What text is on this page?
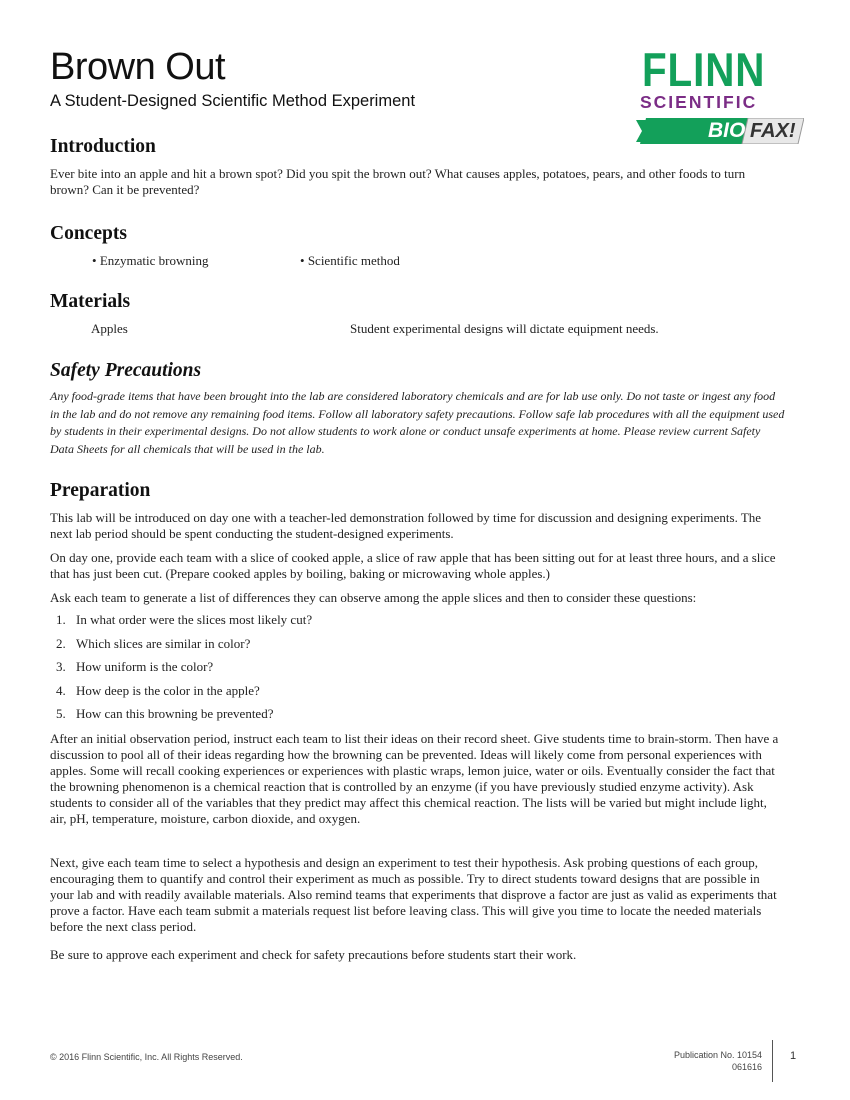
Brown Out
A Student-Designed Scientific Method Experiment
FLINN
SCIENTIFIC
BIO FAX!
Introduction

Ever bite into an apple and hit a brown spot? Did you spit the brown out? What causes apples, potatoes, pears, and other foods to turn brown? Can it be prevented?

Concepts
• Enzymatic browning	• Scientific method
Materials
Apples	Student experimental designs will dictate equipment needs.
Safety Precautions

Any food-grade items that have been brought into the lab are considered laboratory chemicals and are for lab use only. Do not taste or ingest any food in the lab and do not remove any remaining food items. Follow all laboratory safety precautions. Follow safe lab procedures with all the equipment used by students in their experimental designs. Do not allow students to work alone or conduct unsafe experiments at home. Please review current Safety Data Sheets for all chemicals that will be used in the lab.

Preparation

This lab will be introduced on day one with a teacher-led demonstration followed by time for discussion and designing experiments. The next lab period should be spent conducting the student-designed experiments.

On day one, provide each team with a slice of cooked apple, a slice of raw apple that has been sitting out for at least three hours, and a slice that has just been cut. (Prepare cooked apples by boiling, baking or microwaving whole apples.)

Ask each team to generate a list of differences they can observe among the apple slices and then to consider these questions:

1. In what order were the slices most likely cut?
2. Which slices are similar in color?
3. How uniform is the color?
4. How deep is the color in the apple?
5. How can this browning be prevented?

After an initial observation period, instruct each team to list their ideas on their record sheet. Give students time to brain-storm. Then have a discussion to pool all of their ideas regarding how the browning can be prevented. Ideas will likely come from personal experiences with apples. Some will recall cooking experiences or experiences with plastic wraps, lemon juice, water or oils. Eventually consider the fact that the browning phenomenon is a chemical reaction that is controlled by an enzyme (if you have previously studied enzyme activity). Ask students to consider all of the variables that they predict may affect this chemical reaction. The lists will be varied but might include light, air, pH, temperature, moisture, carbon dioxide, and oxygen.

Next, give each team time to select a hypothesis and design an experiment to test their hypothesis. Ask probing questions of each group, encouraging them to quantify and control their experiment as much as possible. Try to direct students toward designs that are possible in your lab and with readily available materials. Also remind teams that experiments that disprove a factor are just as valid as experiments that prove a factor. Have each team submit a materials request list before leaving class. This will give you time to locate the needed materials before the next class period.

Be sure to approve each experiment and check for safety precautions before students start their work.

© 2016 Flinn Scientific, Inc. All Rights Reserved.	Publication No. 10154
061616
1
